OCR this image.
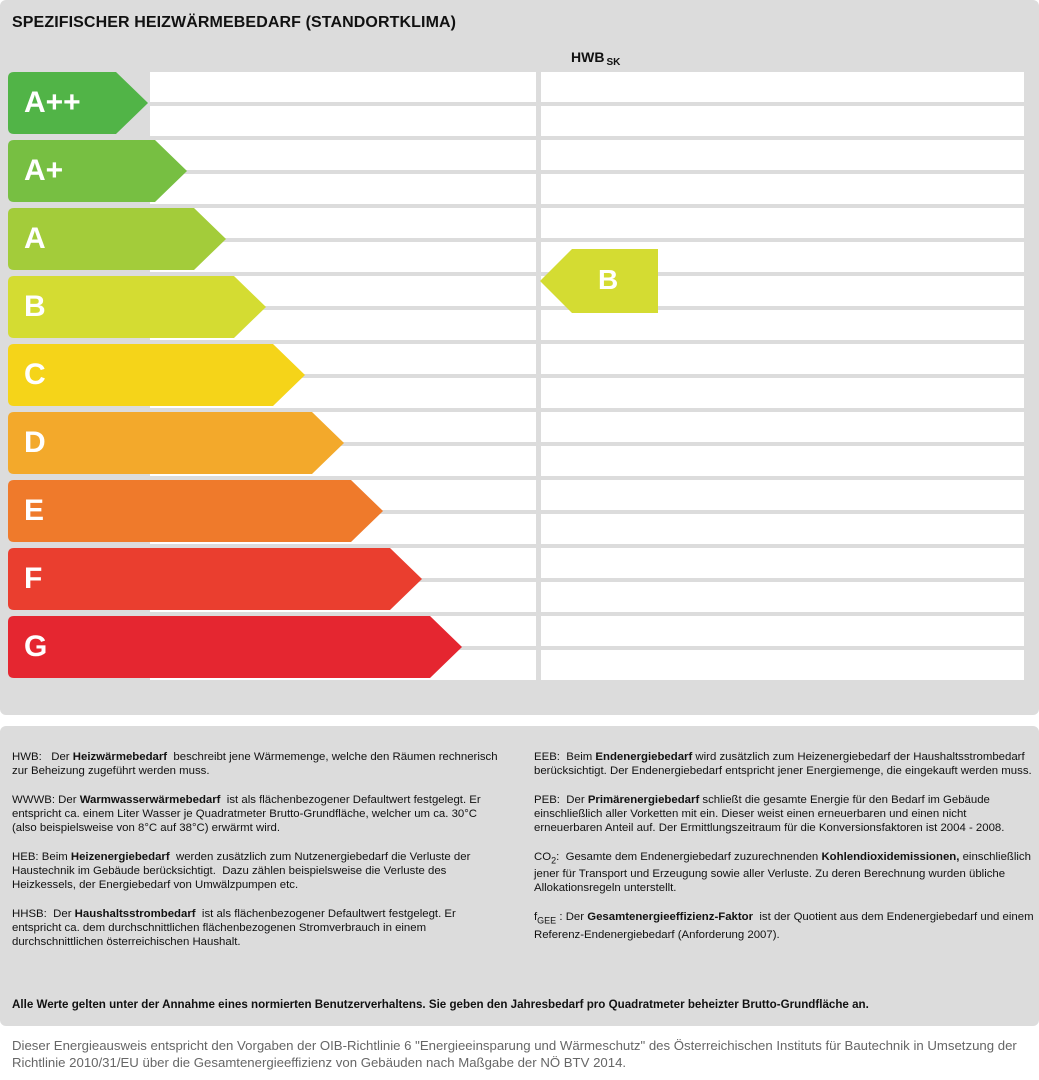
SPEZIFISCHER HEIZWÄRMEBEDARF (STANDORTKLIMA)
HWB $_{SK}$
A++
A+
A
B
C
D
E
F
G
B
HWB:   Der Heizwärmebedarf  beschreibt jene Wärmemenge, welche den Räumen rechnerisch zur Beheizung zugeführt werden muss.
WWWB: Der Warmwasserwärmebedarf  ist als flächenbezogener Defaultwert festgelegt. Er entspricht ca. einem Liter Wasser je Quadratmeter Brutto-Grundfläche, welcher um ca. 30°C (also beispielsweise von 8°C auf 38°C) erwärmt wird.
HEB: Beim Heizenergiebedarf  werden zusätzlich zum Nutzenergiebedarf die Verluste der Haustechnik im Gebäude berücksichtigt.  Dazu zählen beispielsweise die Verluste des Heizkessels, der Energiebedarf von Umwälzpumpen etc.
HHSB:  Der Haushaltsstrombedarf  ist als flächenbezogener Defaultwert festgelegt. Er entspricht ca. dem durchschnittlichen flächenbezogenen Stromverbrauch in einem durchschnittlichen österreichischen Haushalt.
EEB:  Beim Endenergiebedarf wird zusätzlich zum Heizenergiebedarf der Haushaltsstrombedarf berücksichtigt. Der Endenergiebedarf entspricht jener Energiemenge, die eingekauft werden muss.
PEB:  Der Primärenergiebedarf schließt die gesamte Energie für den Bedarf im Gebäude einschließlich aller Vorketten mit ein. Dieser weist einen erneuerbaren und einen nicht erneuerbaren Anteil auf. Der Ermittlungszeitraum für die Konversionsfaktoren ist 2004 - 2008.
$CO_2$:  Gesamte dem Endenergiebedarf zuzurechnenden Kohlendioxidemissionen, einschließlich jener für Transport und Erzeugung sowie aller Verluste. Zu deren Berechnung wurden übliche Allokationsregeln unterstellt.
$f_{GEE}$ : Der Gesamtenergieeffizienz-Faktor  ist der Quotient aus dem Endenergiebedarf und einem Referenz-Endenergiebedarf (Anforderung 2007).
Alle Werte gelten unter der Annahme eines normierten Benutzerverhaltens. Sie geben den Jahresbedarf pro Quadratmeter beheizter Brutto-Grundfläche an.
Dieser Energieausweis entspricht den Vorgaben der OIB-Richtlinie 6 "Energieeinsparung und Wärmeschutz" des Österreichischen Instituts für Bautechnik in Umsetzung der Richtlinie 2010/31/EU über die Gesamtenergieeffizienz von Gebäuden nach Maßgabe der NÖ BTV 2014.
